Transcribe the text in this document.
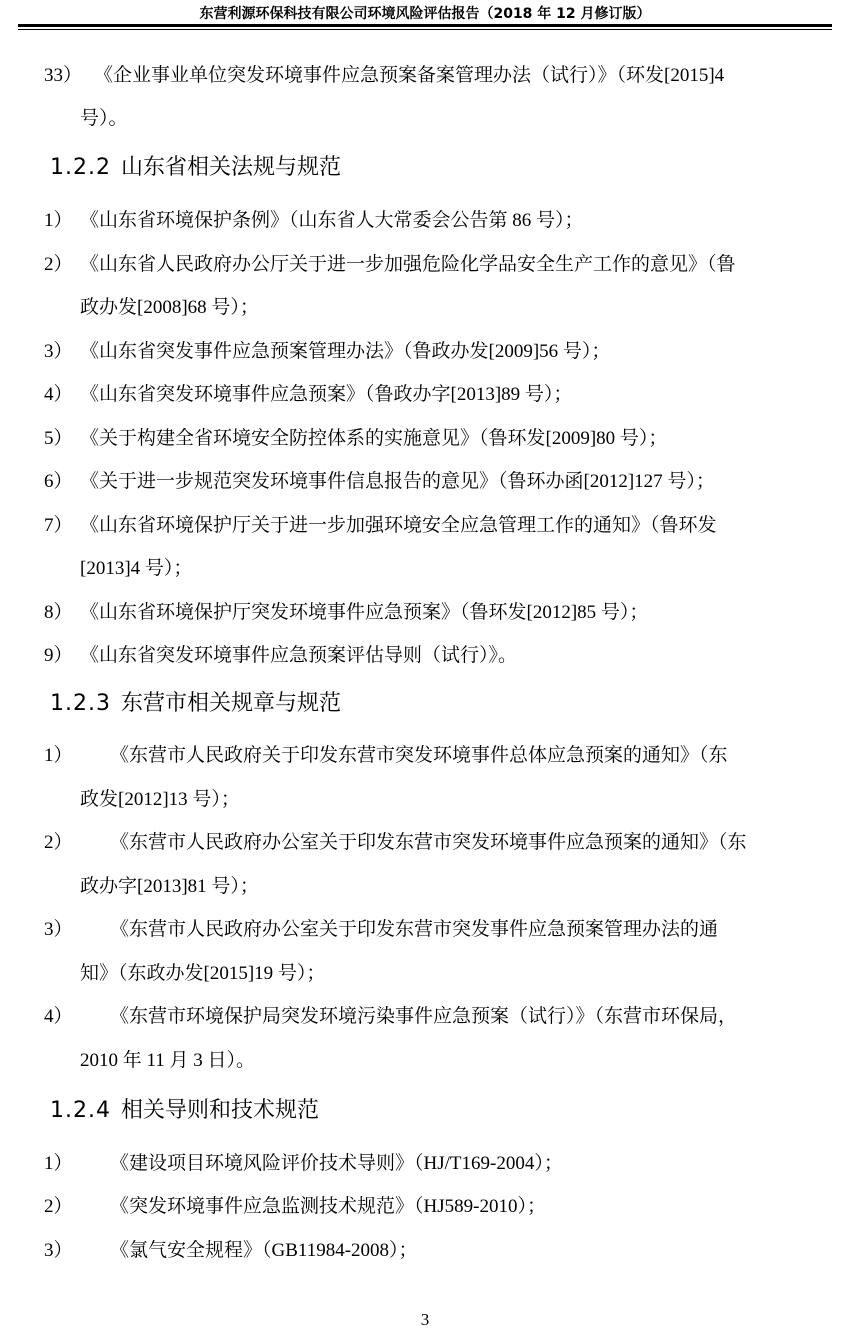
东营利源环保科技有限公司环境风险评估报告（2018 年 12 月修订版）
33） 《企业事业单位突发环境事件应急预案备案管理办法（试行）》（环发[2015]4
号）。
1.2.2 山东省相关法规与规范
1） 《山东省环境保护条例》（山东省人大常委会公告第 86 号）；
2） 《山东省人民政府办公厅关于进一步加强危险化学品安全生产工作的意见》（鲁
政办发[2008]68 号）；
3） 《山东省突发事件应急预案管理办法》（鲁政办发[2009]56 号）；
4） 《山东省突发环境事件应急预案》（鲁政办字[2013]89 号）；
5） 《关于构建全省环境安全防控体系的实施意见》（鲁环发[2009]80 号）；
6） 《关于进一步规范突发环境事件信息报告的意见》（鲁环办函[2012]127 号）；
7） 《山东省环境保护厅关于进一步加强环境安全应急管理工作的通知》（鲁环发
[2013]4 号）；
8） 《山东省环境保护厅突发环境事件应急预案》（鲁环发[2012]85 号）；
9） 《山东省突发环境事件应急预案评估导则（试行）》。
1.2.3 东营市相关规章与规范
1） 《东营市人民政府关于印发东营市突发环境事件总体应急预案的通知》（东
政发[2012]13 号）；
2） 《东营市人民政府办公室关于印发东营市突发环境事件应急预案的通知》（东
政办字[2013]81 号）；
3） 《东营市人民政府办公室关于印发东营市突发事件应急预案管理办法的通
知》（东政办发[2015]19 号）；
4） 《东营市环境保护局突发环境污染事件应急预案（试行）》（东营市环保局，
2010 年 11 月 3 日）。
1.2.4 相关导则和技术规范
1） 《建设项目环境风险评价技术导则》（HJ/T169-2004）；
2） 《突发环境事件应急监测技术规范》（HJ589-2010）；
3） 《氯气安全规程》（GB11984-2008）；
3
